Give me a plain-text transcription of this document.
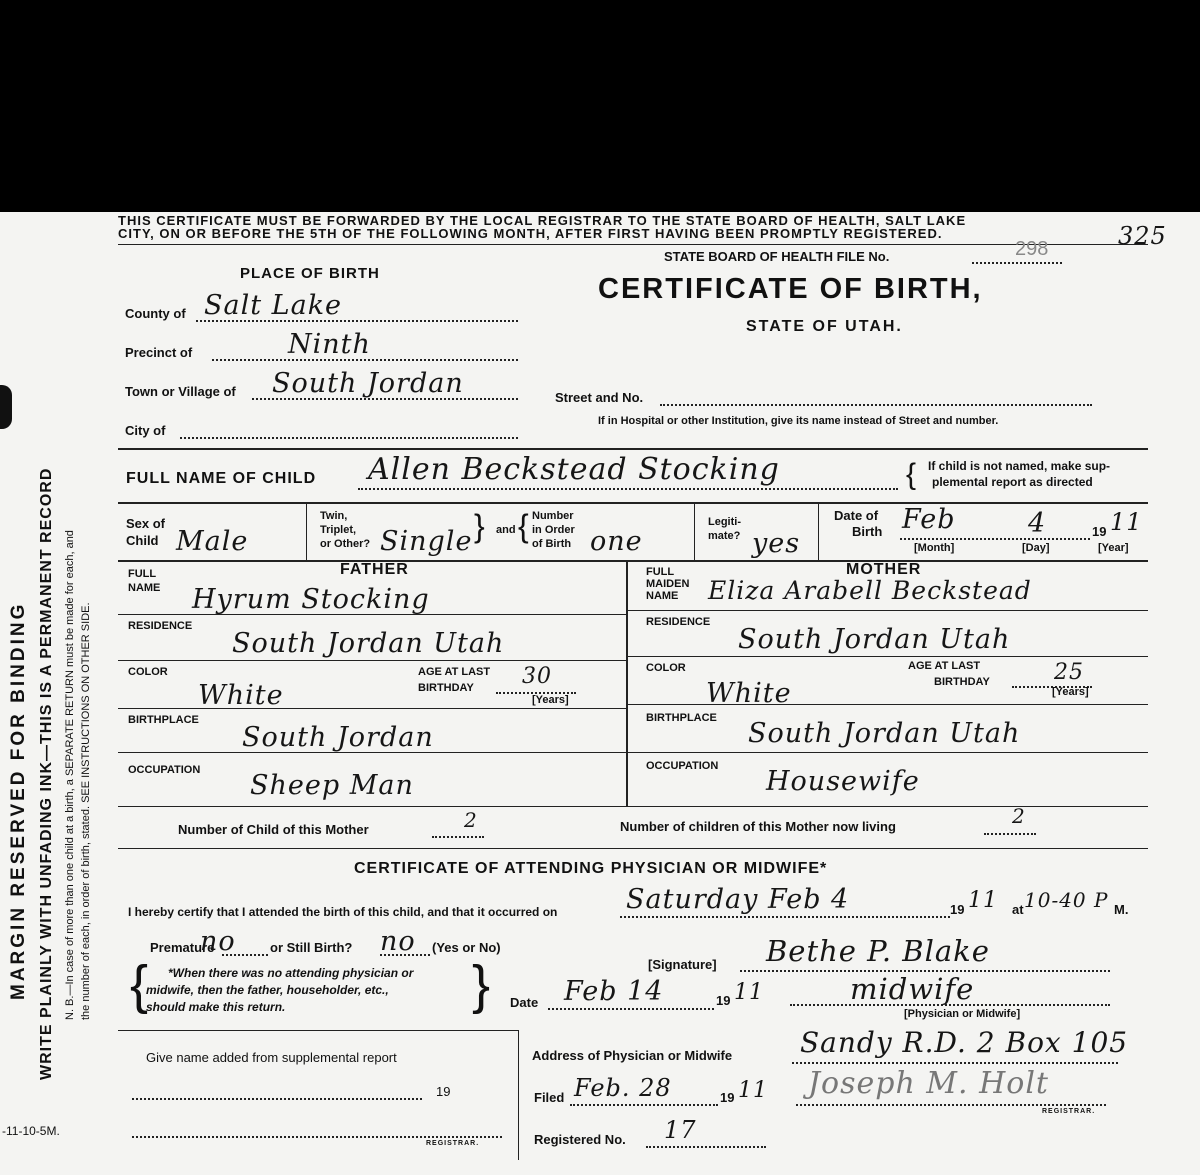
MARGIN RESERVED FOR BINDING WRITE PLAINLY WITH UNFADING INK—THIS IS A PERMANENT RECORD N. B.—In case of more than one child at a birth, a SEPARATE RETURN must be made for each, and the number of each, in order of birth, stated. SEE INSTRUCTIONS ON OTHER SIDE.
-11-10-5M.
THIS CERTIFICATE MUST BE FORWARDED BY THE LOCAL REGISTRAR TO THE STATE BOARD OF HEALTH, SALT LAKE
CITY, ON OR BEFORE THE 5TH OF THE FOLLOWING MONTH, AFTER FIRST HAVING BEEN PROMPTLY REGISTERED.
STATE BOARD OF HEALTH FILE No.	298	325
CERTIFICATE OF BIRTH,
STATE OF UTAH.
PLACE OF BIRTH
County of Salt Lake
Precinct of	Ninth
Town or Village of South Jordan
City of
Street and No.
If in Hospital or other Institution, give its name instead of Street and number.
FULL NAME OF CHILD Allen Beckstead Stocking	{ If child is not named, make sup-
plemental report as directed
Sex of
Child Male
Twin,
Triplet,
or Other? Single } and { Number
in Order
of Birth one
Legiti-
mate? yes
Date of
Birth Feb	4	19 11
[Month]	[Day]	[Year]
FATHER
FULL
NAME Hyrum Stocking
RESIDENCE
South Jordan Utah
COLOR
White
AGE AT LAST
BIRTHDAY 30
[Years]
BIRTHPLACE
South Jordan
OCCUPATION Sheep Man
MOTHER
FULL
MAIDEN
NAME Eliza Arabell Beckstead
RESIDENCE
South Jordan Utah
COLOR
White
AGE AT LAST
BIRTHDAY	25
[Years]
BIRTHPLACE South Jordan Utah
OCCUPATION Housewife
Number of Child of this Mother	2	Number of children of this Mother now living	2
CERTIFICATE OF ATTENDING PHYSICIAN OR MIDWIFE*
I hereby certify that I attended the birth of this child, and that it occurred on	Saturday Feb 4	19 11 at 10-40 P M.
Premature
no	or Still Birth? no (Yes or No)
{ *When there was no attending physician or
midwife, then the father, householder, etc.,
should make this return.	}	[Signature] Bethe P. Blake
Date Feb 14	19 11	midwife
[Physician or Midwife]
Address of Physician or Midwife Sandy R.D. 2 Box 105
Give name added from supplemental report
19
REGISTRAR.
Filed Feb. 28	19 11 Joseph M. Holt
REGISTRAR.
Registered No. 17
